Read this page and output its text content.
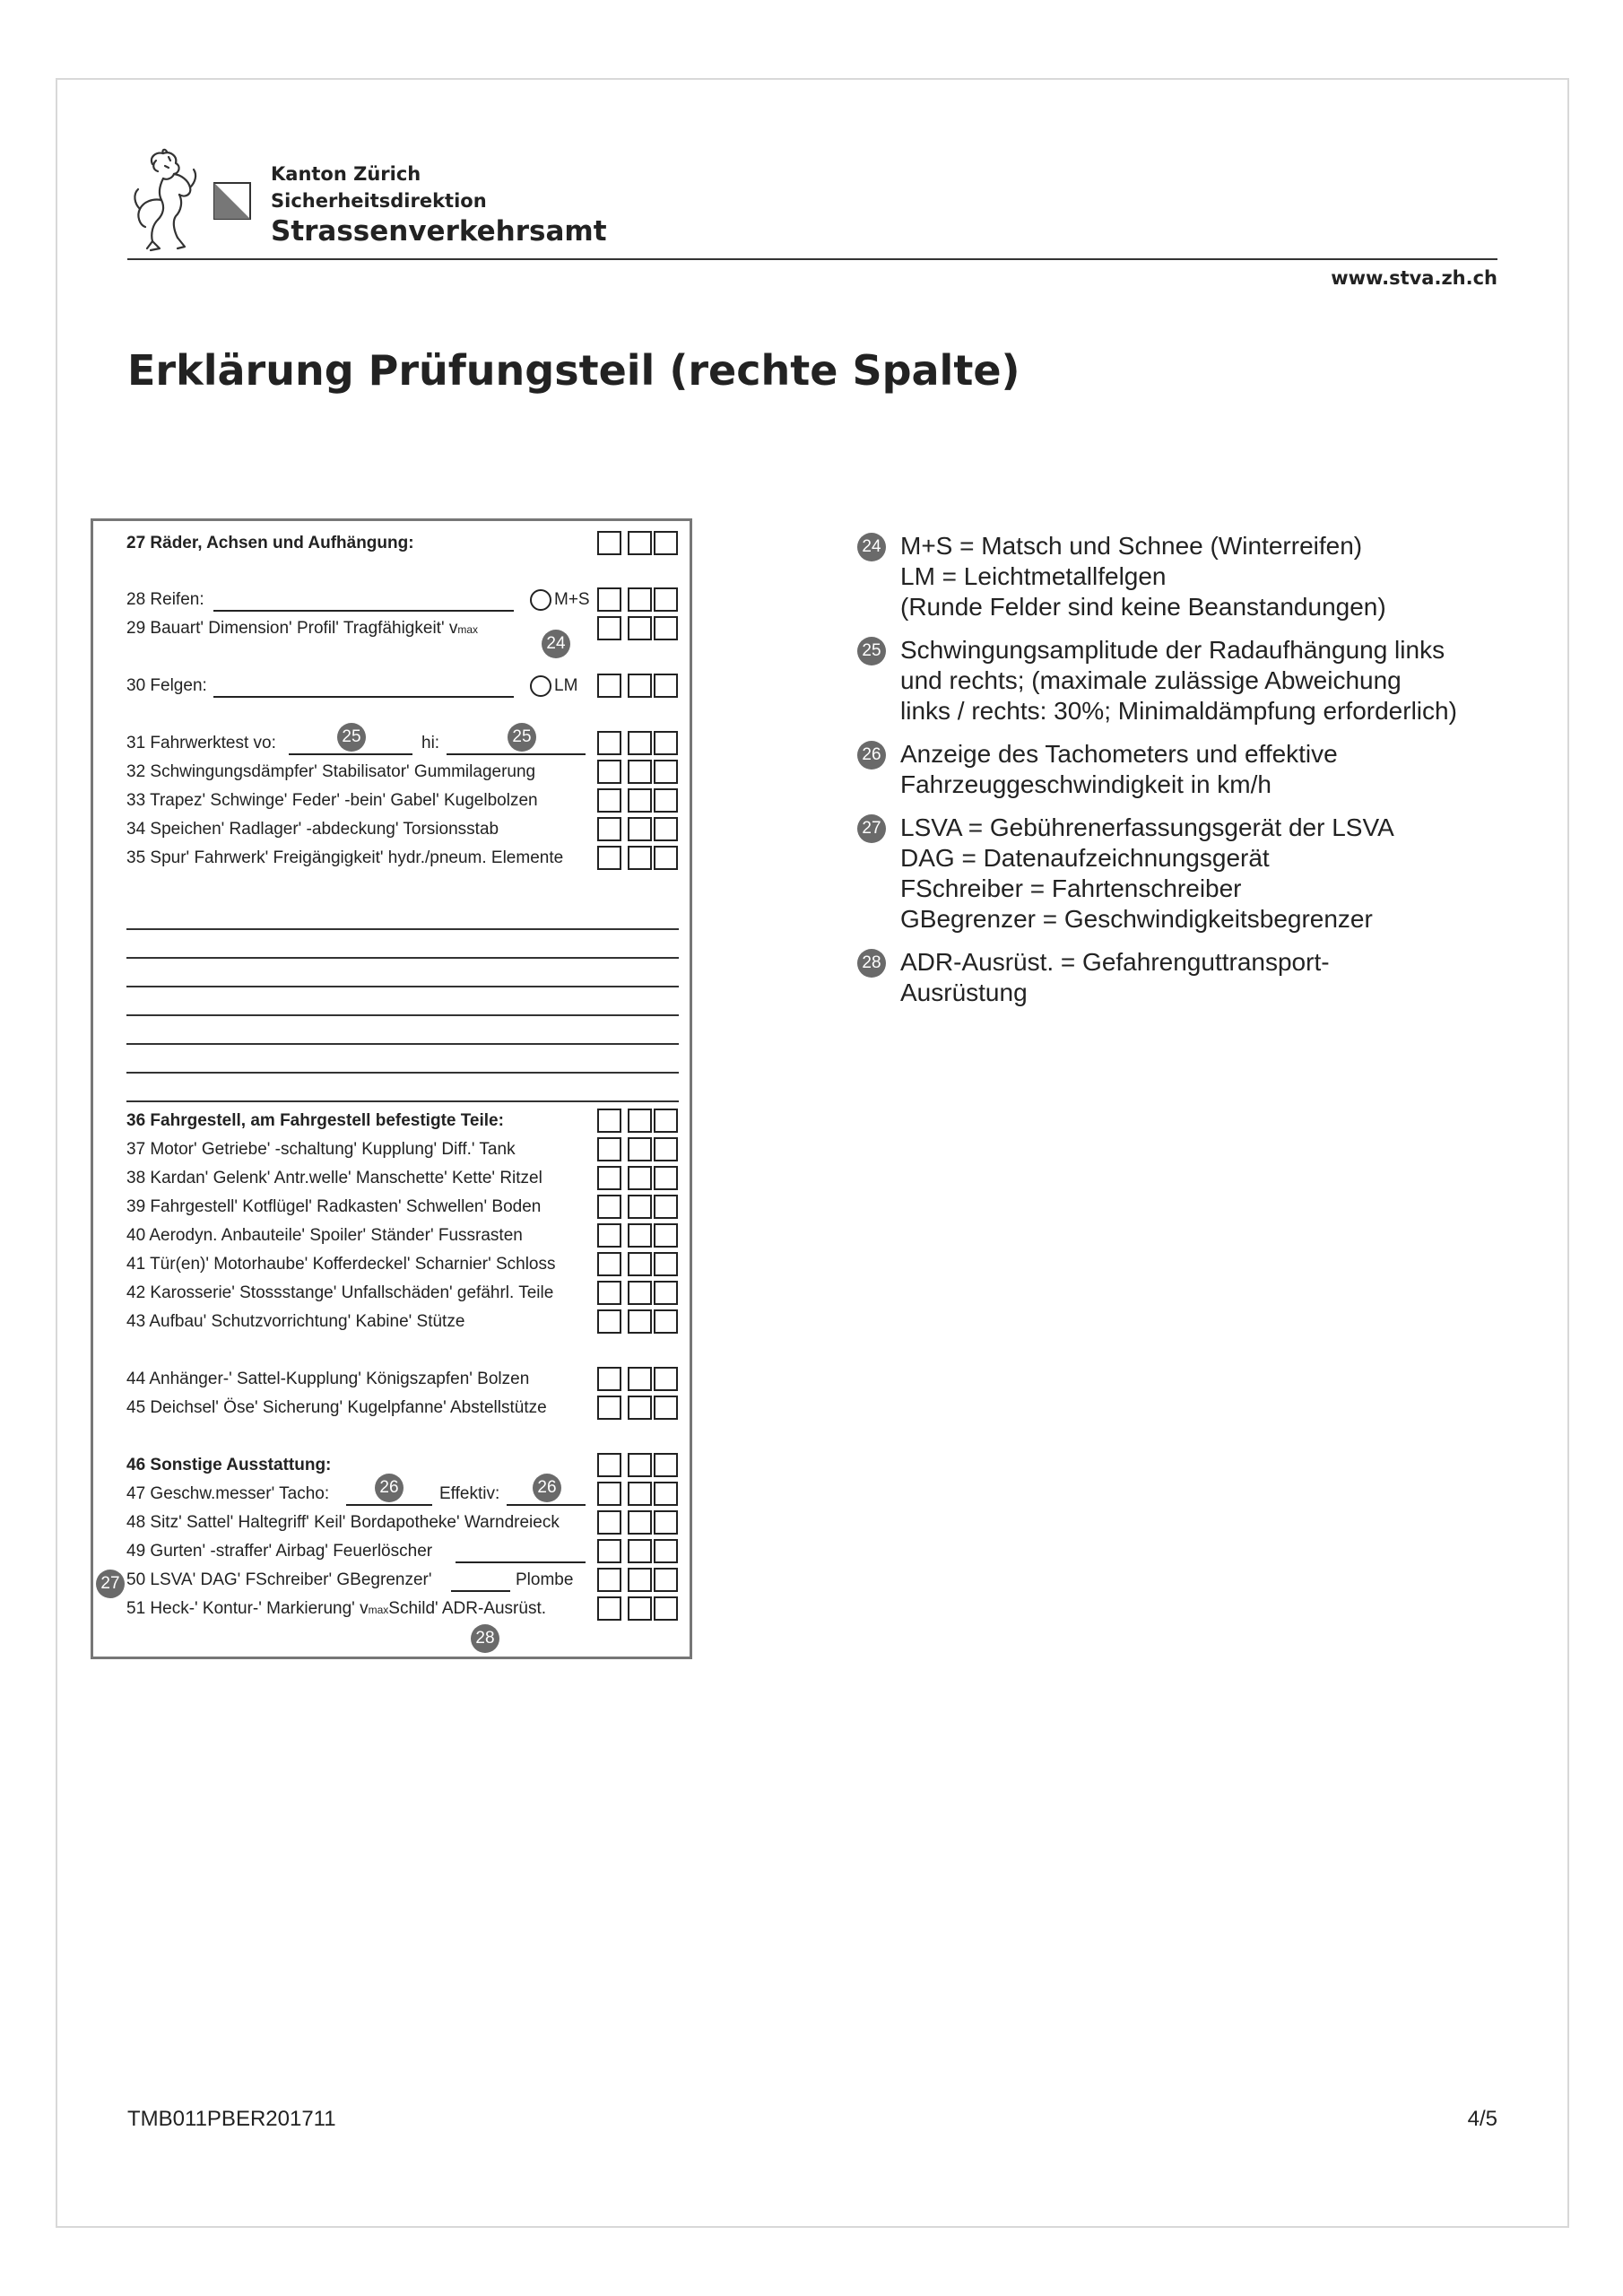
Kanton Zürich
Sicherheitsdirektion
Strassenverkehrsamt
www.stva.zh.ch
Erklärung Prüfungsteil (rechte Spalte)
27 Räder, Achsen und Aufhängung:
28 Reifen:	M+S
29 Bauart' Dimension' Profil' Tragfähigkeit' vmax
24
30 Felgen:	LM
31 Fahrwerktest vo:	25	hi:	25
32 Schwingungsdämpfer' Stabilisator' Gummilagerung
33 Trapez' Schwinge' Feder' -bein' Gabel' Kugelbolzen
34 Speichen' Radlager' -abdeckung' Torsionsstab
35 Spur' Fahrwerk' Freigängigkeit' hydr./pneum. Elemente
36 Fahrgestell, am Fahrgestell befestigte Teile:
37 Motor' Getriebe' -schaltung' Kupplung' Diff.' Tank
38 Kardan' Gelenk' Antr.welle' Manschette' Kette' Ritzel
39 Fahrgestell' Kotflügel' Radkasten' Schwellen' Boden
40 Aerodyn. Anbauteile' Spoiler' Ständer' Fussrasten
41 Tür(en)' Motorhaube' Kofferdeckel' Scharnier' Schloss
42 Karosserie' Stossstange' Unfallschäden' gefährl. Teile
43 Aufbau' Schutzvorrichtung' Kabine' Stütze
44 Anhänger-' Sattel-Kupplung' Königszapfen' Bolzen
45 Deichsel' Öse' Sicherung' Kugelpfanne' Abstellstütze
46 Sonstige Ausstattung:
47 Geschw.messer' Tacho:	26 Effektiv: 26
48 Sitz' Sattel' Haltegriff' Keil' Bordapotheke' Warndreieck
49 Gurten' -straffer' Airbag' Feuerlöscher
27 50 LSVA' DAG' FSchreiber' GBegrenzer'	Plombe
51 Heck-' Kontur-' Markierung' vmaxSchild' ADR-Ausrüst.
28
24 M+S = Matsch und Schnee (Winterreifen)
LM = Leichtmetallfelgen
(Runde Felder sind keine Beanstandungen)
25 Schwingungsamplitude der Radaufhängung links
und rechts; (maximale zulässige Abweichung
links / rechts: 30%; Minimaldämpfung erforderlich)
26 Anzeige des Tachometers und effektive
Fahrzeuggeschwindigkeit in km/h
27 LSVA = Gebührenerfassungsgerät der LSVA
DAG = Datenaufzeichnungsgerät
FSchreiber = Fahrtenschreiber
GBegrenzer = Geschwindigkeitsbegrenzer
28 ADR-Ausrüst. = Gefahrenguttransport-
Ausrüstung
TMB011PBER201711	4/5
